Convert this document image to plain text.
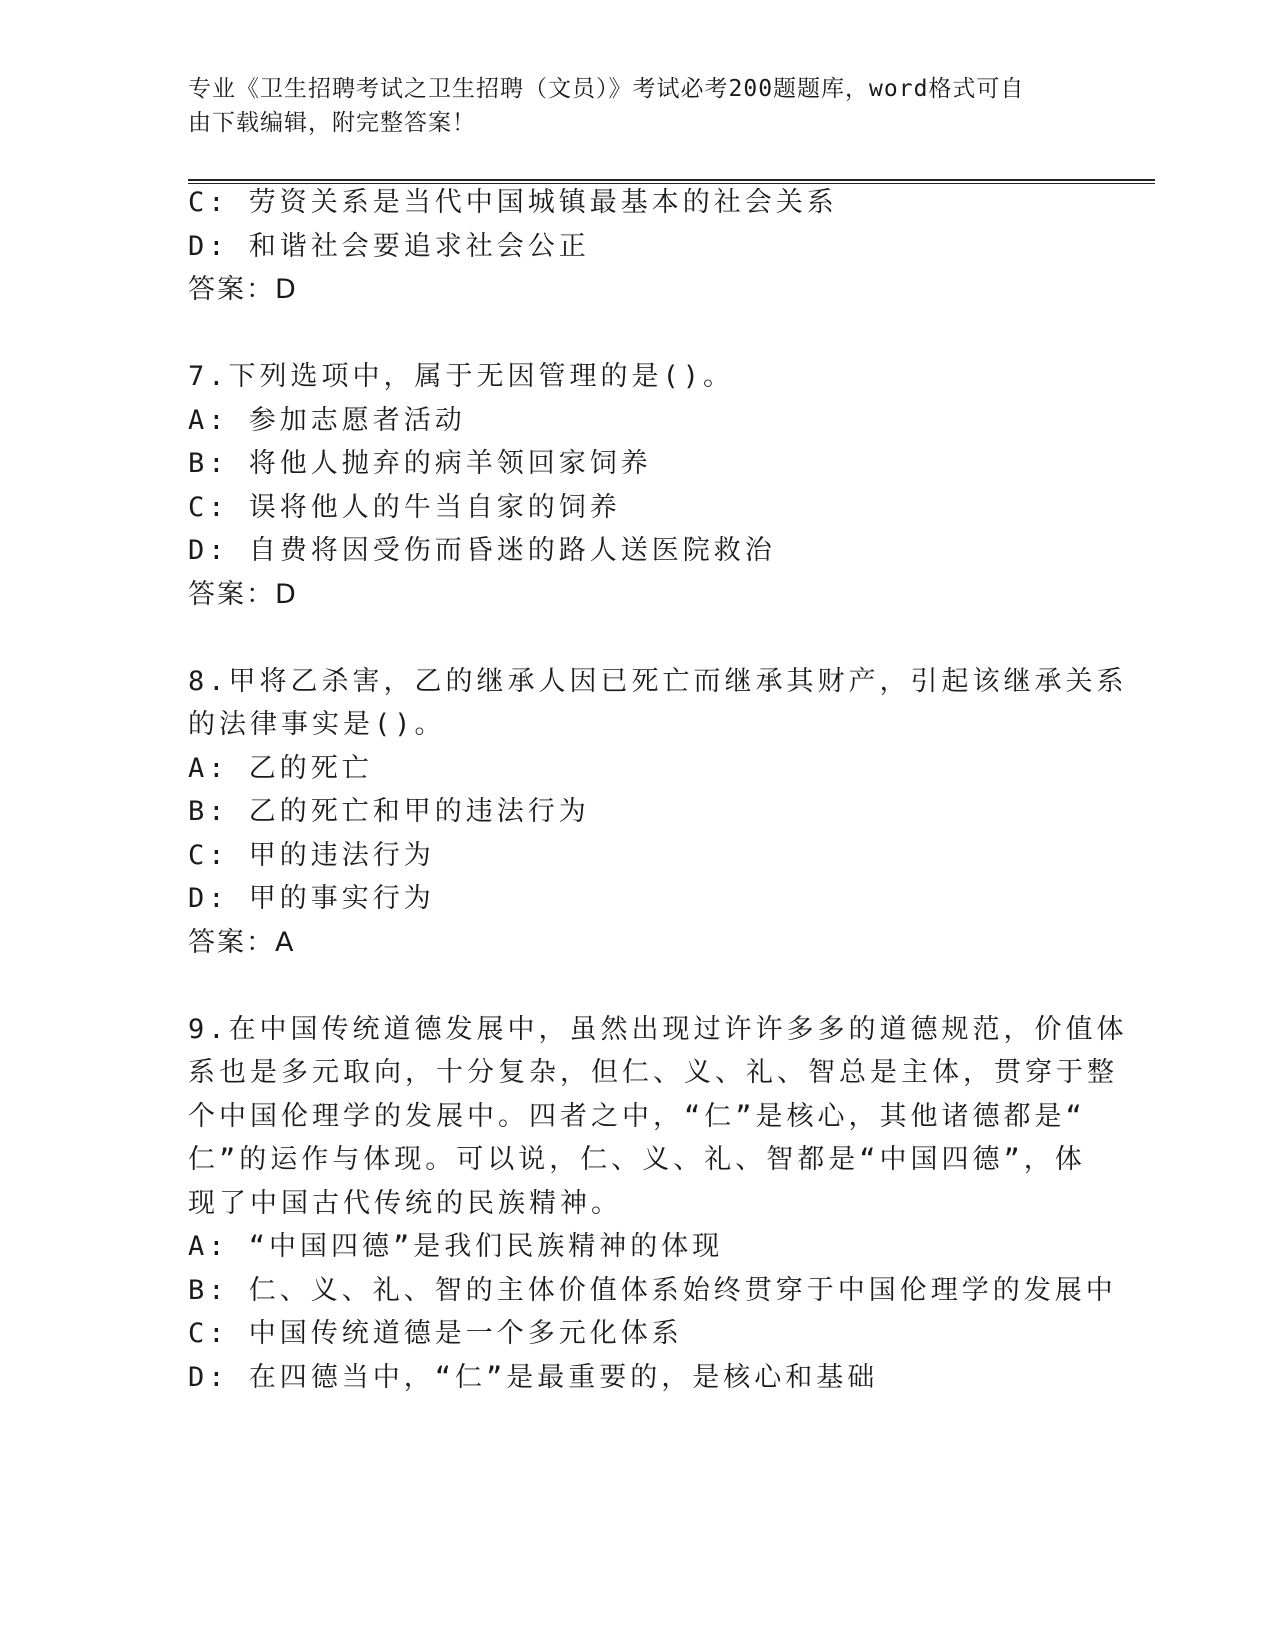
专业《卫生招聘考试之卫生招聘（文员）》考试必考200题题库，word格式可自
由下载编辑，附完整答案！
C: 劳资关系是当代中国城镇最基本的社会关系
D: 和谐社会要追求社会公正
答案：D
7.下列选项中，属于无因管理的是()。
A: 参加志愿者活动
B: 将他人抛弃的病羊领回家饲养
C: 误将他人的牛当自家的饲养
D: 自费将因受伤而昏迷的路人送医院救治
答案：D
8.甲将乙杀害，乙的继承人因已死亡而继承其财产，引起该继承关系
的法律事实是()。
A: 乙的死亡
B: 乙的死亡和甲的违法行为
C: 甲的违法行为
D: 甲的事实行为
答案：A
9.在中国传统道德发展中，虽然出现过许许多多的道德规范，价值体
系也是多元取向，十分复杂，但仁、义、礼、智总是主体，贯穿于整
个中国伦理学的发展中。四者之中，“仁”是核心，其他诸德都是“
仁”的运作与体现。可以说，仁、义、礼、智都是“中国四德”，体
现了中国古代传统的民族精神。
A: “中国四德”是我们民族精神的体现
B: 仁、义、礼、智的主体价值体系始终贯穿于中国伦理学的发展中
C: 中国传统道德是一个多元化体系
D: 在四德当中，“仁”是最重要的，是核心和基础
